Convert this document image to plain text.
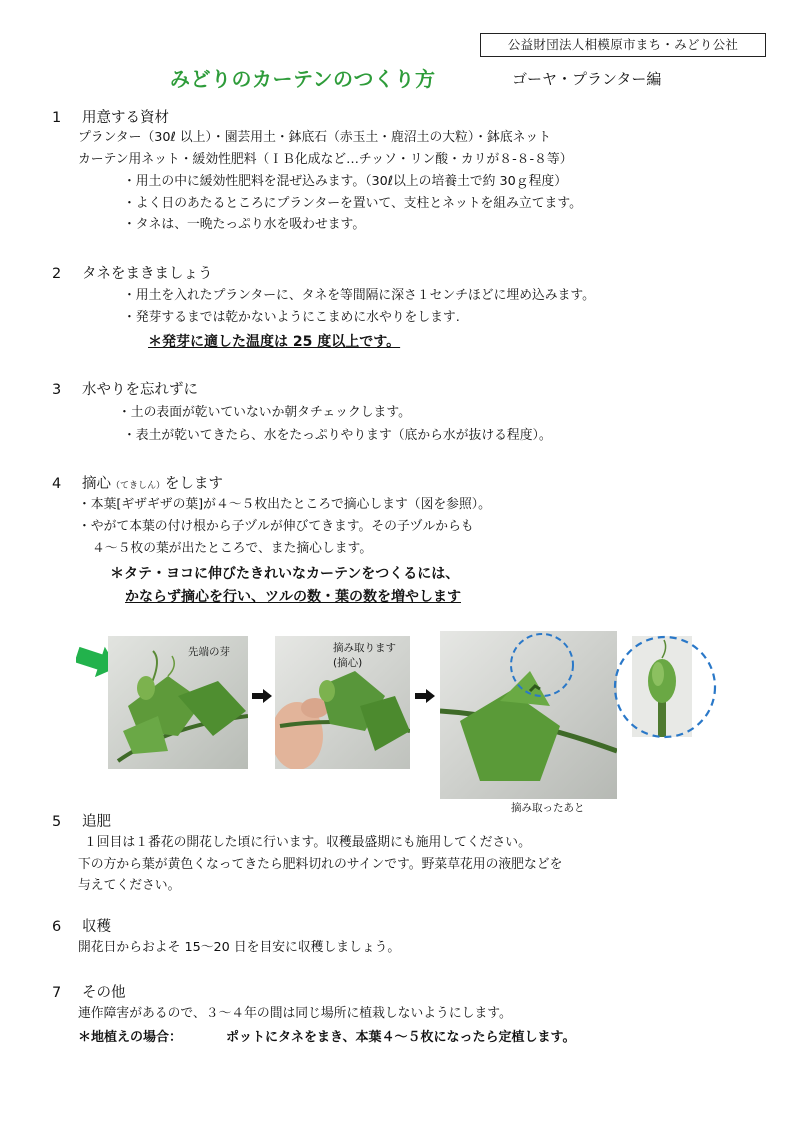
公益財団法人相模原市まち・みどり公社
みどりのカーテンのつくり方	ゴーヤ・プランター編
1 用意する資材
プランター（30ℓ 以上）・園芸用土・鉢底石（赤玉土・鹿沼土の大粒）・鉢底ネット
カーテン用ネット・緩効性肥料（ＩＢ化成など…チッソ・リン酸・カリが８-８-８等）
・用土の中に緩効性肥料を混ぜ込みます。（30ℓ以上の培養土で約 30ｇ程度）
・よく日のあたるところにプランターを置いて、支柱とネットを組み立てます。
・タネは、一晩たっぷり水を吸わせます。
2 タネをまきましょう
・用土を入れたプランターに、タネを等間隔に深さ１センチほどに埋め込みます。
・発芽するまでは乾かないようにこまめに水やりをします.
＊発芽に適した温度は 25 度以上です。
3 水やりを忘れずに
・土の表面が乾いていないか朝タチェックします。
・表土が乾いてきたら、水をたっぷりやります（底から水が抜ける程度）。
4 摘心（てきしん）をします
・本葉[ギザギザの葉]が４～５枚出たところで摘心します（図を参照）。
・やがて本葉の付け根から子ヅルが伸びてきます。その子ヅルからも
４～５枚の葉が出たところで、また摘心します。
＊タテ・ヨコに伸びたきれいなカーテンをつくるには、
かならず摘心を行い、ツルの数・葉の数を増やします
先端の芽	摘み取ります
(摘心)
摘み取ったあと
5 追肥
１回目は１番花の開花した頃に行います。収穫最盛期にも施用してください。
下の方から葉が黄色くなってきたら肥料切れのサインです。野菜草花用の液肥などを
与えてください。
6 収穫
開花日からおよそ 15～20 日を目安に収穫しましょう。
7 その他
連作障害があるので、３～４年の間は同じ場所に植栽しないようにします。
＊地植えの場合：	ポットにタネをまき、本葉４～５枚になったら定植します。
